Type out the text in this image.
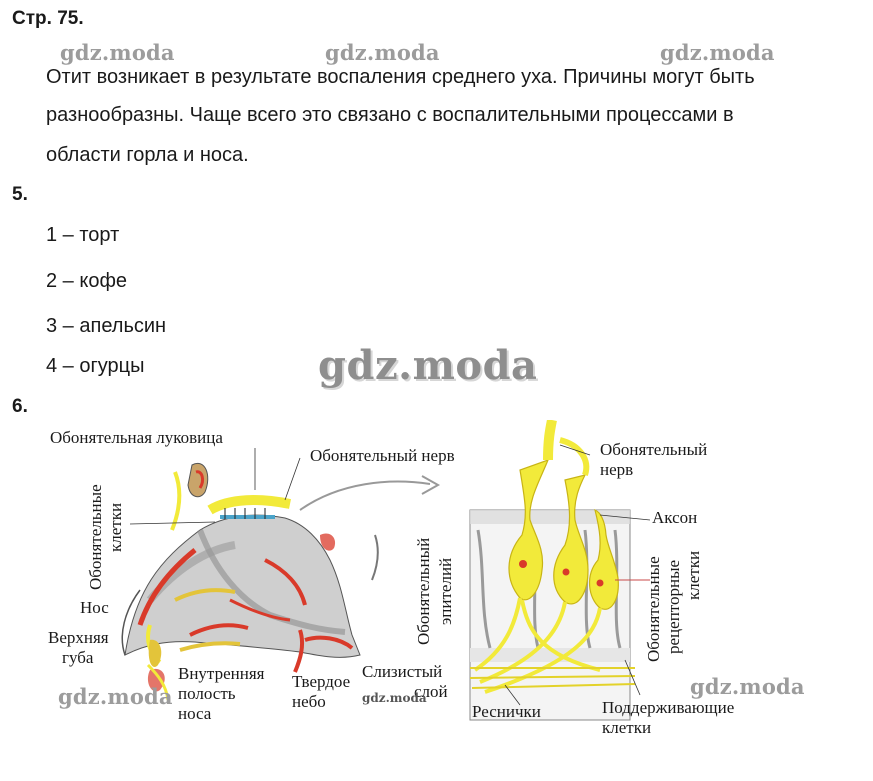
Стр. 75.
gdz.moda	gdz.moda	gdz.moda
Отит возникает в результате воспаления среднего уха. Причины могут быть
разнообразны. Чаще всего это связано с воспалительными процессами в
области горла и носа.
5.
1 – торт
2 – кофе
3 – апельсин
4 – огурцы	gdz.moda
6.
Обонятельная луковица
Обонятельный нерв
Обонятельные клетки
Нос
Верхняя
губа
Внутренняя
полость
носа
Твердое
небо
Слизистый
слой
Обонятельный эпителий
Обонятельный
нерв
Аксон
Обонятельные рецепторные клетки
Реснички	Поддерживающие
клетки
gdz.moda	gdz.moda	gdz.moda
